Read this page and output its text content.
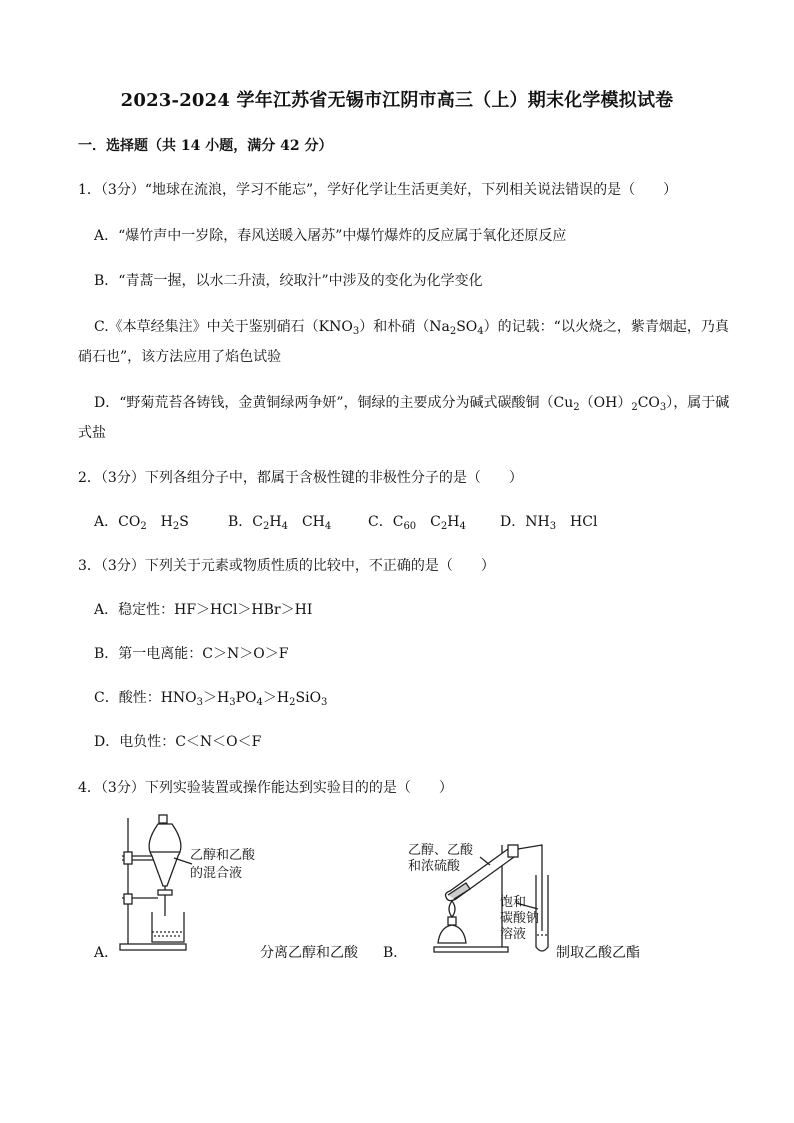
2023-2024 学年江苏省无锡市江阴市高三（上）期末化学模拟试卷
一．选择题（共 14 小题，满分 42 分）
1．（3分）“地球在流浪，学习不能忘”，学好化学让生活更美好，下列相关说法错误的是（　　）
A．“爆竹声中一岁除，春风送暖入屠苏”中爆竹爆炸的反应属于氧化还原反应
B．“青蒿一握，以水二升渍，绞取汁”中涉及的变化为化学变化
C.《本草经集注》中关于鉴别硝石$(KNO_3)$和朴硝$(Na_2SO_4)$的记载：“以火烧之，紫青烟起，乃真
硝石也”，该方法应用了焰色试验
D．“野菊荒苔各铸钱，金黄铜绿两争妍”，铜绿的主要成分为碱式碳酸铜$(Cu_2(OH)_2CO_3)$，属于碱
式盐
2．（3分）下列各组分子中，都属于含极性键的非极性分子的是（　　）
A．$CO_2$　$H_2S$	B．$C_2H_4$　$CH_4$	C．$C_{60}$　$C_2H_4$ D．$NH_3$　HCl
3．（3分）下列关于元素或物质性质的比较中，不正确的是（　　）
A．稳定性：HF＞HCl＞HBr＞HI
B．第一电离能：C＞N＞O＞F
C．酸性：$HNO_3>H_3PO_4>H_2SiO_3$
D．电负性：C＜N＜O＜F
4．（3分）下列实验装置或操作能达到实验目的的是（　　）
A．
乙醇和乙酸
的混合液
分离乙醇和乙酸 B．
乙醇、乙酸
和浓硫酸
饱和
碳酸钠
溶液
制取乙酸乙酯
